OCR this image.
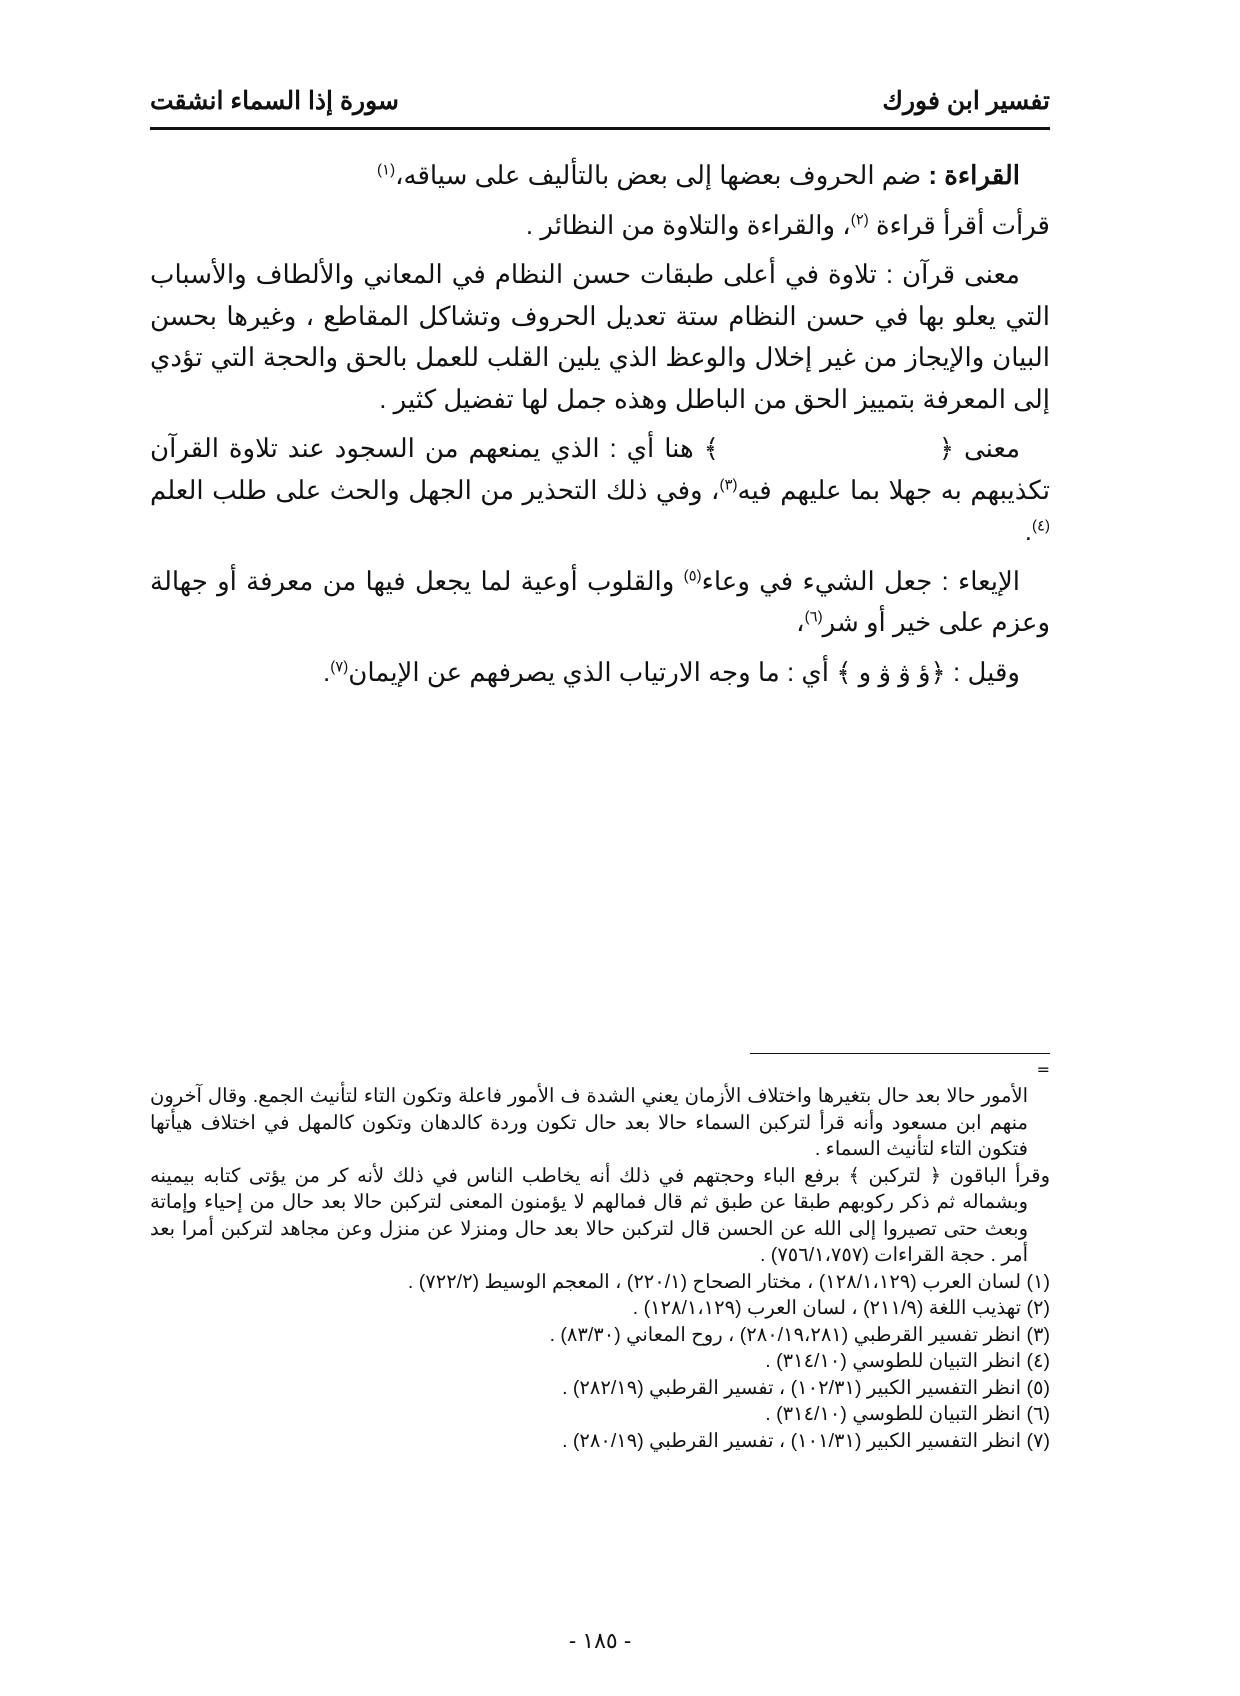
تفسير ابن فورك
سورة إذا السماء انشقت

القراءة : ضم الحروف بعضها إلى بعض بالتأليف على سياقه،$^{(١)}$

قرأت أقرأ قراءة $^{(٢)}$، والقراءة والتلاوة من النظائر .

معنى قرآن : تلاوة في أعلى طبقات حسن النظام في المعاني والألطاف والأسباب التي يعلو بها في حسن النظام ستة تعديل الحروف وتشاكل المقاطع ، وغيرها بحسن البيان والإيجاز من غير إخلال والوعظ الذي يلين القلب للعمل بالحق والحجة التي تؤدي إلى المعرفة بتمييز الحق من الباطل وهذه جمل لها تفضيل كثير .

معنى ﴿  ﴾ هنا أي : الذي يمنعهم من السجود عند تلاوة القرآن تكذيبهم به جهلا بما عليهم فيه$^{(٣)}$، وفي ذلك التحذير من الجهل والحث على طلب العلم $^{(٤)}$.

الإيعاء : جعل الشيء في وعاء$^{(٥)}$ والقلوب أوعية لما يجعل فيها من معرفة أو جهالة وعزم على خير أو شر$^{(٦)}$،

وقيل : ﴿ؤ ۋ ۋ و ﴾ أي : ما وجه الارتياب الذي يصرفهم عن الإيمان$^{(٧)}$.

=

الأمور حالا بعد حال بتغيرها واختلاف الأزمان يعني الشدة ف الأمور فاعلة وتكون التاء لتأنيث الجمع. وقال آخرون منهم ابن مسعود وأنه قرأ لتركبن السماء حالا بعد حال تكون وردة كالدهان وتكون كالمهل في اختلاف هيأتها فتكون التاء لتأنيث السماء .

وقرأ الباقون ﴿ لتركبن ﴾ برفع الباء وحجتهم في ذلك أنه يخاطب الناس في ذلك لأنه كر من يؤتى كتابه بيمينه وبشماله ثم ذكر ركوبهم طبقا عن طبق ثم قال فمالهم لا يؤمنون المعنى لتركبن حالا بعد حال من إحياء وإماتة وبعث حتى تصيروا إلى الله عن الحسن قال لتركبن حالا بعد حال ومنزلا عن منزل وعن مجاهد لتركبن أمرا بعد أمر . حجة القراءات (٧٥٦/١،٧٥٧) .

(١) لسان العرب (١٢٨/١،١٢٩) ، مختار الصحاح (٢٢٠/١) ، المعجم الوسيط (٧٢٢/٢) .

(٢) تهذيب اللغة (٢١١/٩) ، لسان العرب (١٢٨/١،١٢٩) .

(٣) انظر تفسير القرطبي (٢٨٠/١٩،٢٨١) ، روح المعاني (٨٣/٣٠) .

(٤) انظر التبيان للطوسي (٣١٤/١٠) .

(٥) انظر التفسير الكبير (١٠٢/٣١) ، تفسير القرطبي (٢٨٢/١٩) .

(٦) انظر التبيان للطوسي (٣١٤/١٠) .

(٧) انظر التفسير الكبير (١٠١/٣١) ، تفسير القرطبي (٢٨٠/١٩) .

- ١٨٥ -
